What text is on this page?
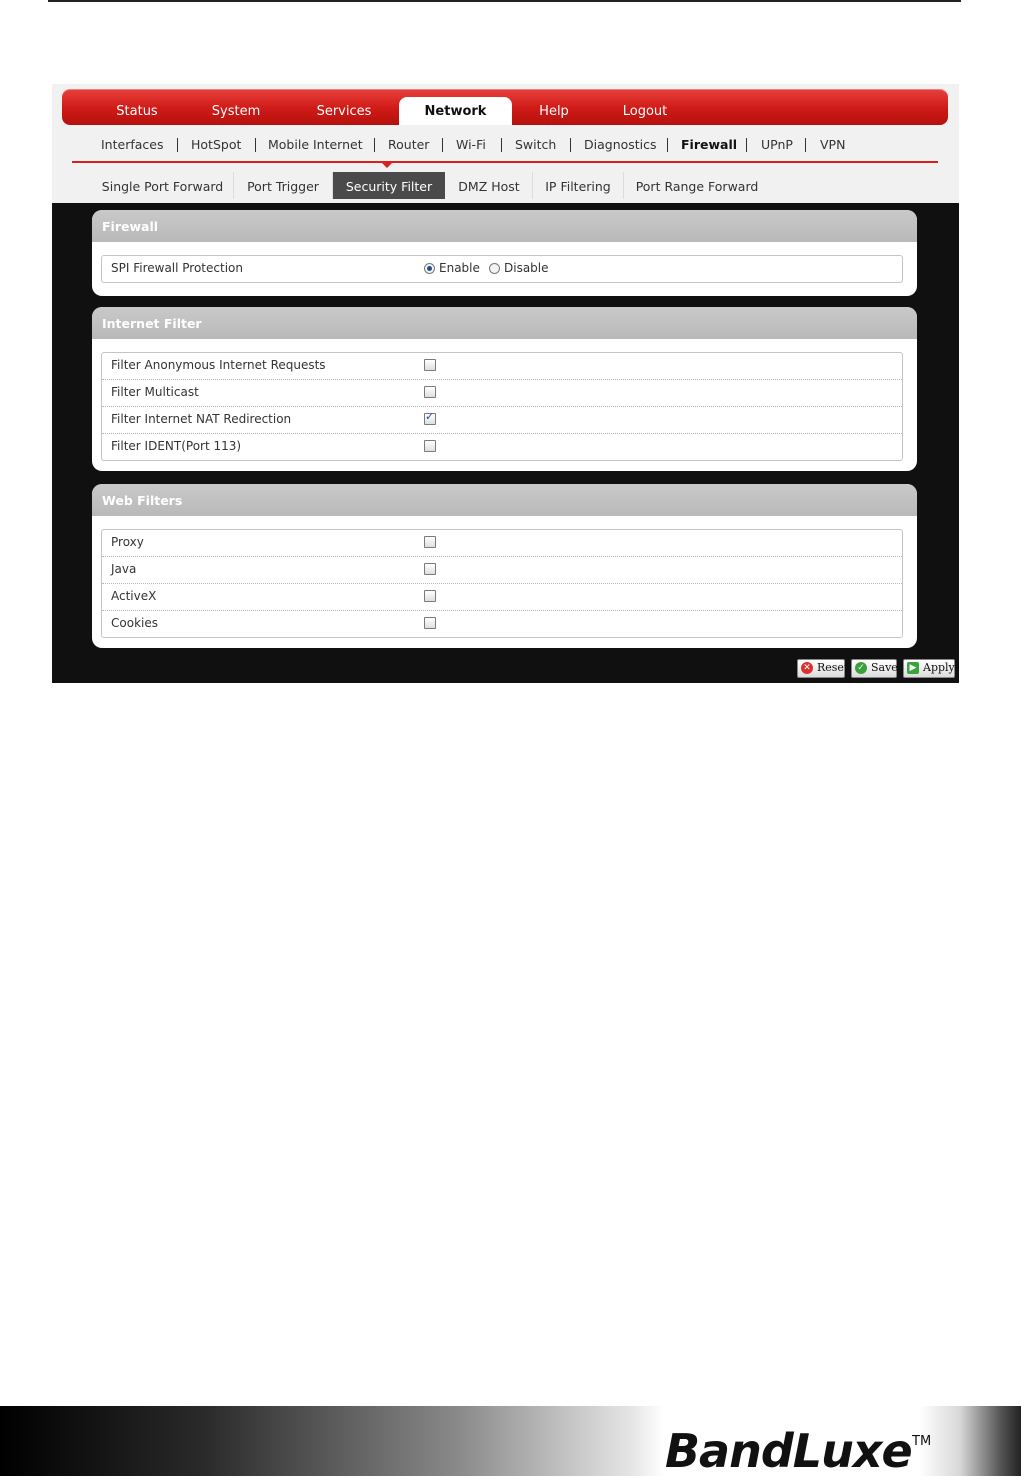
Status	System	Services	Network	Help	Logout
Interfaces HotSpot Mobile Internet Router Wi-Fi Switch Diagnostics Firewall UPnP VPN
Single Port Forward	Port Trigger	Security Filter	DMZ Host	IP Filtering	Port Range Forward
Firewall
SPI Firewall Protection	Enable Disable
Internet Filter
Filter Anonymous Internet Requests
Filter Multicast
Filter Internet NAT Redirection	✓
Filter IDENT(Port 113)
Web Filters
Proxy
Java
ActiveX
Cookies
✕ Reset ✓ Save ▶ Apply
BandLuxe TM
